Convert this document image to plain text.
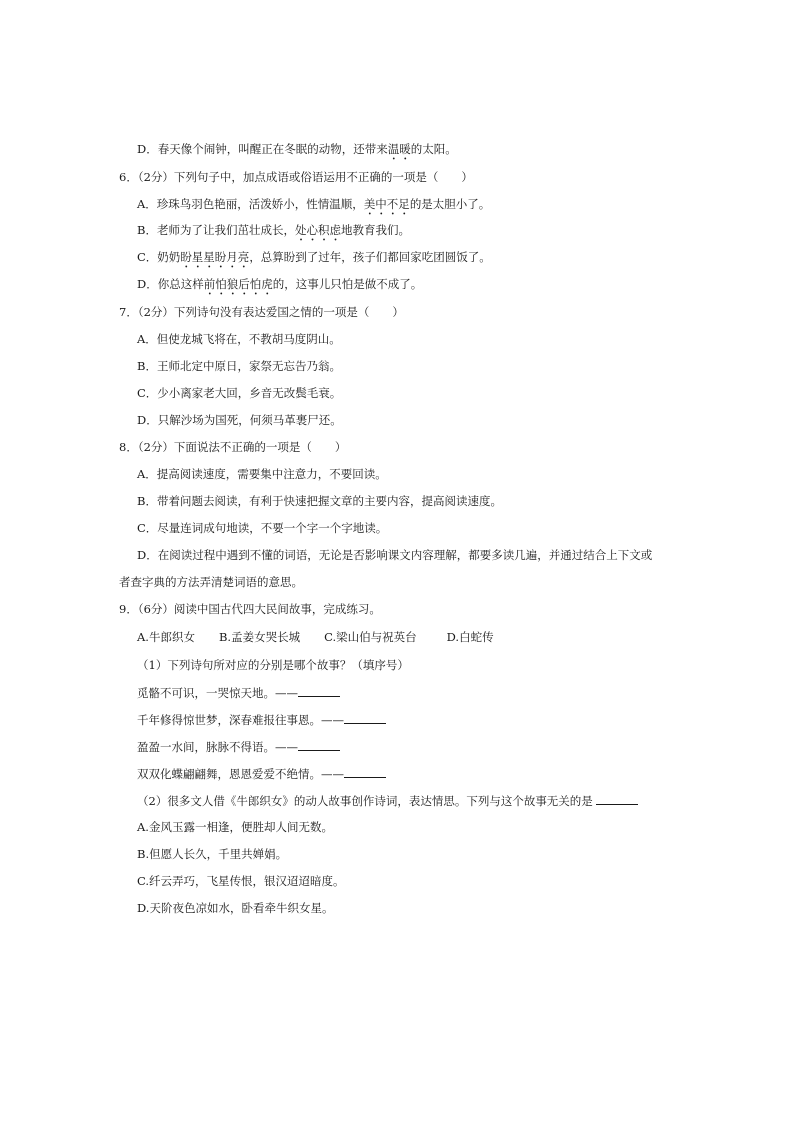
D．春天像个闹钟，叫醒正在冬眠的动物，还带来温暖的太阳。
6．（2分）下列句子中，加点成语或俗语运用不正确的一项是（　　）
A．珍珠鸟羽色艳丽，活泼娇小，性情温顺，美中不足的是太胆小了。
B．老师为了让我们茁壮成长，处心积虑地教育我们。
C．奶奶盼星星盼月亮，总算盼到了过年，孩子们都回家吃团圆饭了。
D．你总这样前怕狼后怕虎的，这事儿只怕是做不成了。
7．（2分）下列诗句没有表达爱国之情的一项是（　　）
A．但使龙城飞将在，不教胡马度阴山。
B．王师北定中原日，家祭无忘告乃翁。
C．少小离家老大回，乡音无改鬓毛衰。
D．只解沙场为国死，何须马革裹尸还。
8．（2分）下面说法不正确的一项是（　　）
A．提高阅读速度，需要集中注意力，不要回读。
B．带着问题去阅读，有利于快速把握文章的主要内容，提高阅读速度。
C．尽量连词成句地读，不要一个字一个字地读。
D．在阅读过程中遇到不懂的词语，无论是否影响课文内容理解，都要多读几遍，并通过结合上下文或
者查字典的方法弄清楚词语的意思。
9．（6分）阅读中国古代四大民间故事，完成练习。
A.牛郎织女 B.孟姜女哭长城 C.梁山伯与祝英台	D.白蛇传
（1）下列诗句所对应的分别是哪个故事？（填序号）
觅骼不可识，一哭惊天地。——
千年修得惊世梦，深春难报往事恩。——
盈盈一水间，脉脉不得语。——
双双化蝶翩翩舞，恩恩爱爱不绝情。——
（2）很多文人借《牛郎织女》的动人故事创作诗词，表达情思。下列与这个故事无关的是
A.金风玉露一相逢，便胜却人间无数。
B.但愿人长久，千里共婵娟。
C.纤云弄巧，飞星传恨，银汉迢迢暗度。
D.天阶夜色凉如水，卧看牵牛织女星。
